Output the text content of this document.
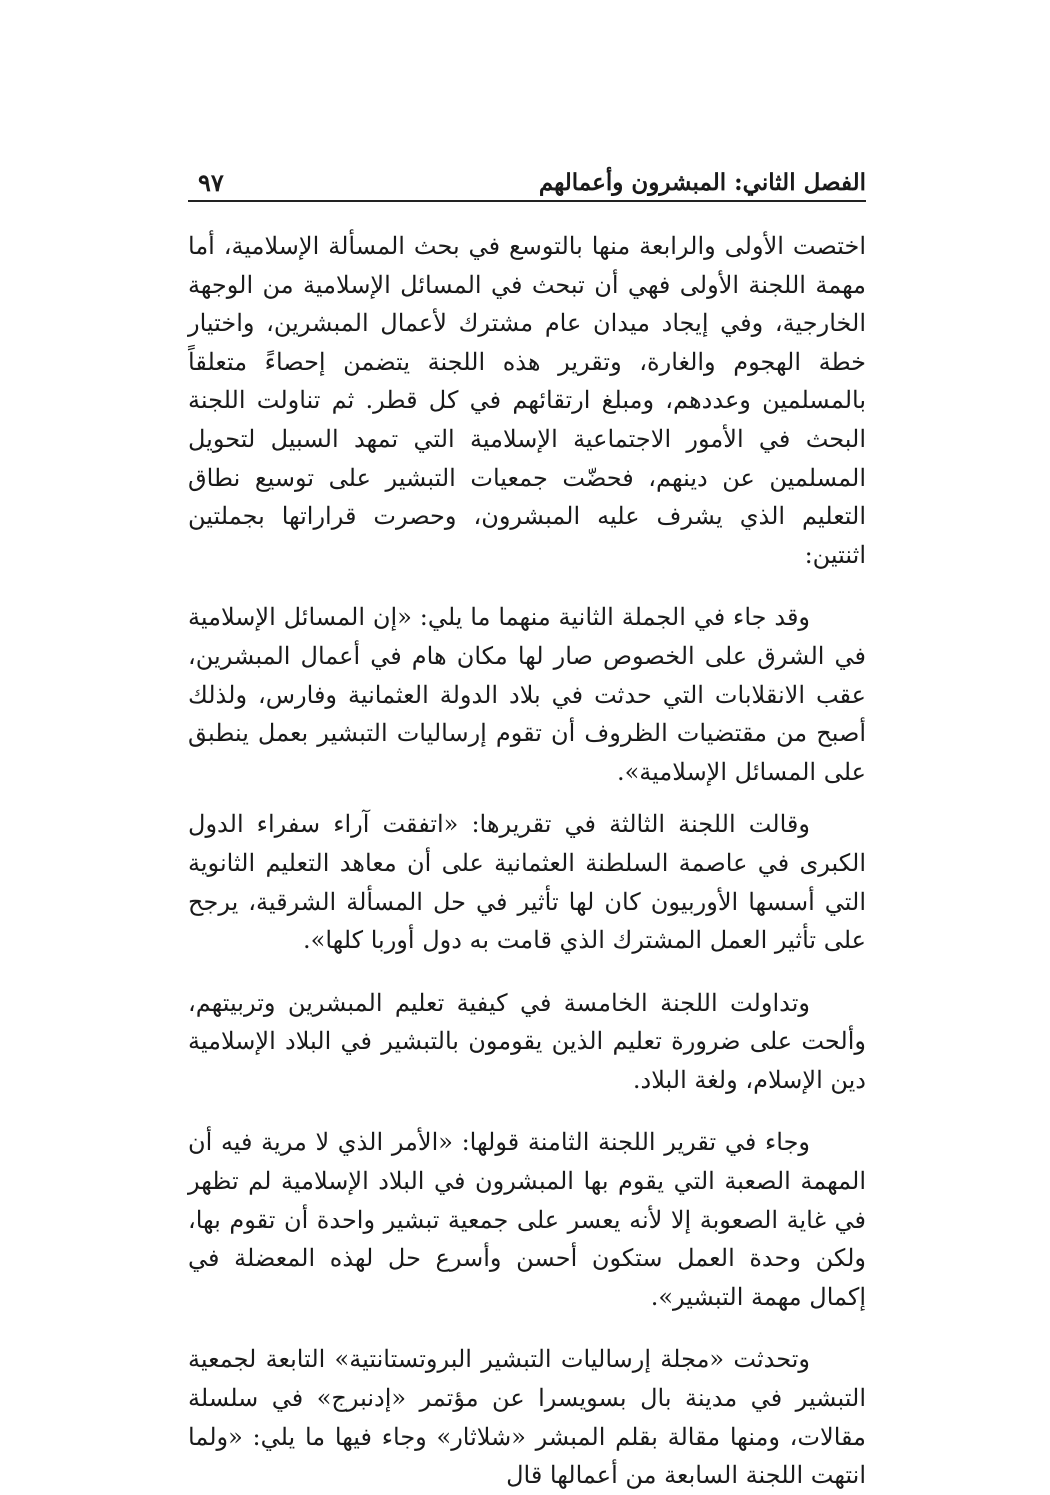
الفصل الثاني: المبشرون وأعمالهم
٩٧

اختصت الأولى والرابعة منها بالتوسع في بحث المسألة الإسلامية، أما مهمة اللجنة الأولى فهي أن تبحث في المسائل الإسلامية من الوجهة الخارجية، وفي إيجاد ميدان عام مشترك لأعمال المبشرين، واختيار خطة الهجوم والغارة، وتقرير هذه اللجنة يتضمن إحصاءً متعلقاً بالمسلمين وعددهم، ومبلغ ارتقائهم في كل قطر. ثم تناولت اللجنة البحث في الأمور الاجتماعية الإسلامية التي تمهد السبيل لتحويل المسلمين عن دينهم، فحضّت جمعيات التبشير على توسيع نطاق التعليم الذي يشرف عليه المبشرون، وحصرت قراراتها بجملتين اثنتين:

وقد جاء في الجملة الثانية منهما ما يلي: «إن المسائل الإسلامية في الشرق على الخصوص صار لها مكان هام في أعمال المبشرين، عقب الانقلابات التي حدثت في بلاد الدولة العثمانية وفارس، ولذلك أصبح من مقتضيات الظروف أن تقوم إرساليات التبشير بعمل ينطبق على المسائل الإسلامية».

وقالت اللجنة الثالثة في تقريرها: «اتفقت آراء سفراء الدول الكبرى في عاصمة السلطنة العثمانية على أن معاهد التعليم الثانوية التي أسسها الأوربيون كان لها تأثير في حل المسألة الشرقية، يرجح على تأثير العمل المشترك الذي قامت به دول أوربا كلها».

وتداولت اللجنة الخامسة في كيفية تعليم المبشرين وتربيتهم، وألحت على ضرورة تعليم الذين يقومون بالتبشير في البلاد الإسلامية دين الإسلام، ولغة البلاد.

وجاء في تقرير اللجنة الثامنة قولها: «الأمر الذي لا مرية فيه أن المهمة الصعبة التي يقوم بها المبشرون في البلاد الإسلامية لم تظهر في غاية الصعوبة إلا لأنه يعسر على جمعية تبشير واحدة أن تقوم بها، ولكن وحدة العمل ستكون أحسن وأسرع حل لهذه المعضلة في إكمال مهمة التبشير».

وتحدثت «مجلة إرساليات التبشير البروتستانتية» التابعة لجمعية التبشير في مدينة بال بسويسرا عن مؤتمر «إدنبرج» في سلسلة مقالات، ومنها مقالة بقلم المبشر «شلاثار» وجاء فيها ما يلي: «ولما انتهت اللجنة السابعة من أعمالها قال
